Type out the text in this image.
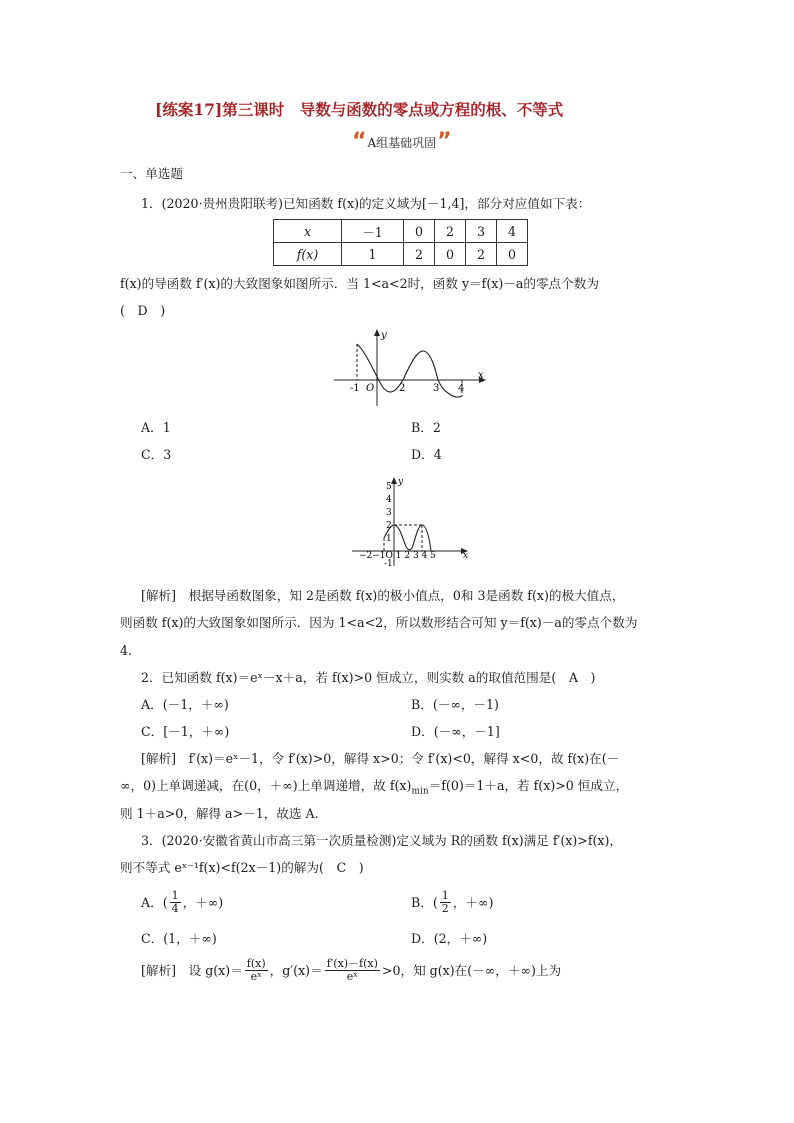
[练案17]第三课时　导数与函数的零点或方程的根、不等式
“ A组基础巩固 ”
一、单选题
1．(2020·贵州贵阳联考)已知函数 f(x)的定义域为[－1,4]，部分对应值如下表：
x	－1	0	2	3	4
f(x)	1	2	0	2	0
f(x)的导函数 f′(x)的大致图象如图所示．当 1<a<2时，函数 y＝f(x)－a的零点个数为
(　D　)
y
x
O
-1	2	3 4
A．1	B．2
C．3	D．4
y
x
5
4
3
2
1
-1
−2−1O 1 2 3 4 5
[解析]　根据导函数图象，知 2是函数 f(x)的极小值点，0和 3是函数 f(x)的极大值点，
则函数 f(x)的大致图象如图所示．因为 1<a<2，所以数形结合可知 y＝f(x)－a的零点个数为
4.
2．已知函数 f(x)＝eˣ－x＋a，若 f(x)>0 恒成立，则实数 a的取值范围是(　A　)
A．(－1，＋∞)	B．(－∞，－1)
C．[－1，＋∞)	D．(－∞，－1]
[解析]　f′(x)＝eˣ－1，令 f′(x)>0，解得 x>0；令 f′(x)<0，解得 x<0，故 f(x)在(－
∞，0)上单调递减，在(0，＋∞)上单调递增，故 $f(x)_{min}=f(0)=1+a$，若 f(x)>0 恒成立，
则 1＋a>0，解得 a>－1，故选 A.
3．(2020·安徽省黄山市高三第一次质量检测)定义域为 R的函数 f(x)满足 f′(x)>f(x)，
则不等式 eˣ⁻¹f(x)<f(2x－1)的解为(　C　)
A．( $\frac{1}{4}$ ，＋∞)	B．( $\frac{1}{2}$ ，＋∞)
C．(1，＋∞)	D．(2，＋∞)
[解析]　设 $g(x)= \frac{f(x)}{\text{eˣ}}$ ，$g'(x)= \frac{f'(x)-f(x)}{\text{eˣ}} >0$，知 g(x)在(－∞，＋∞)上为
